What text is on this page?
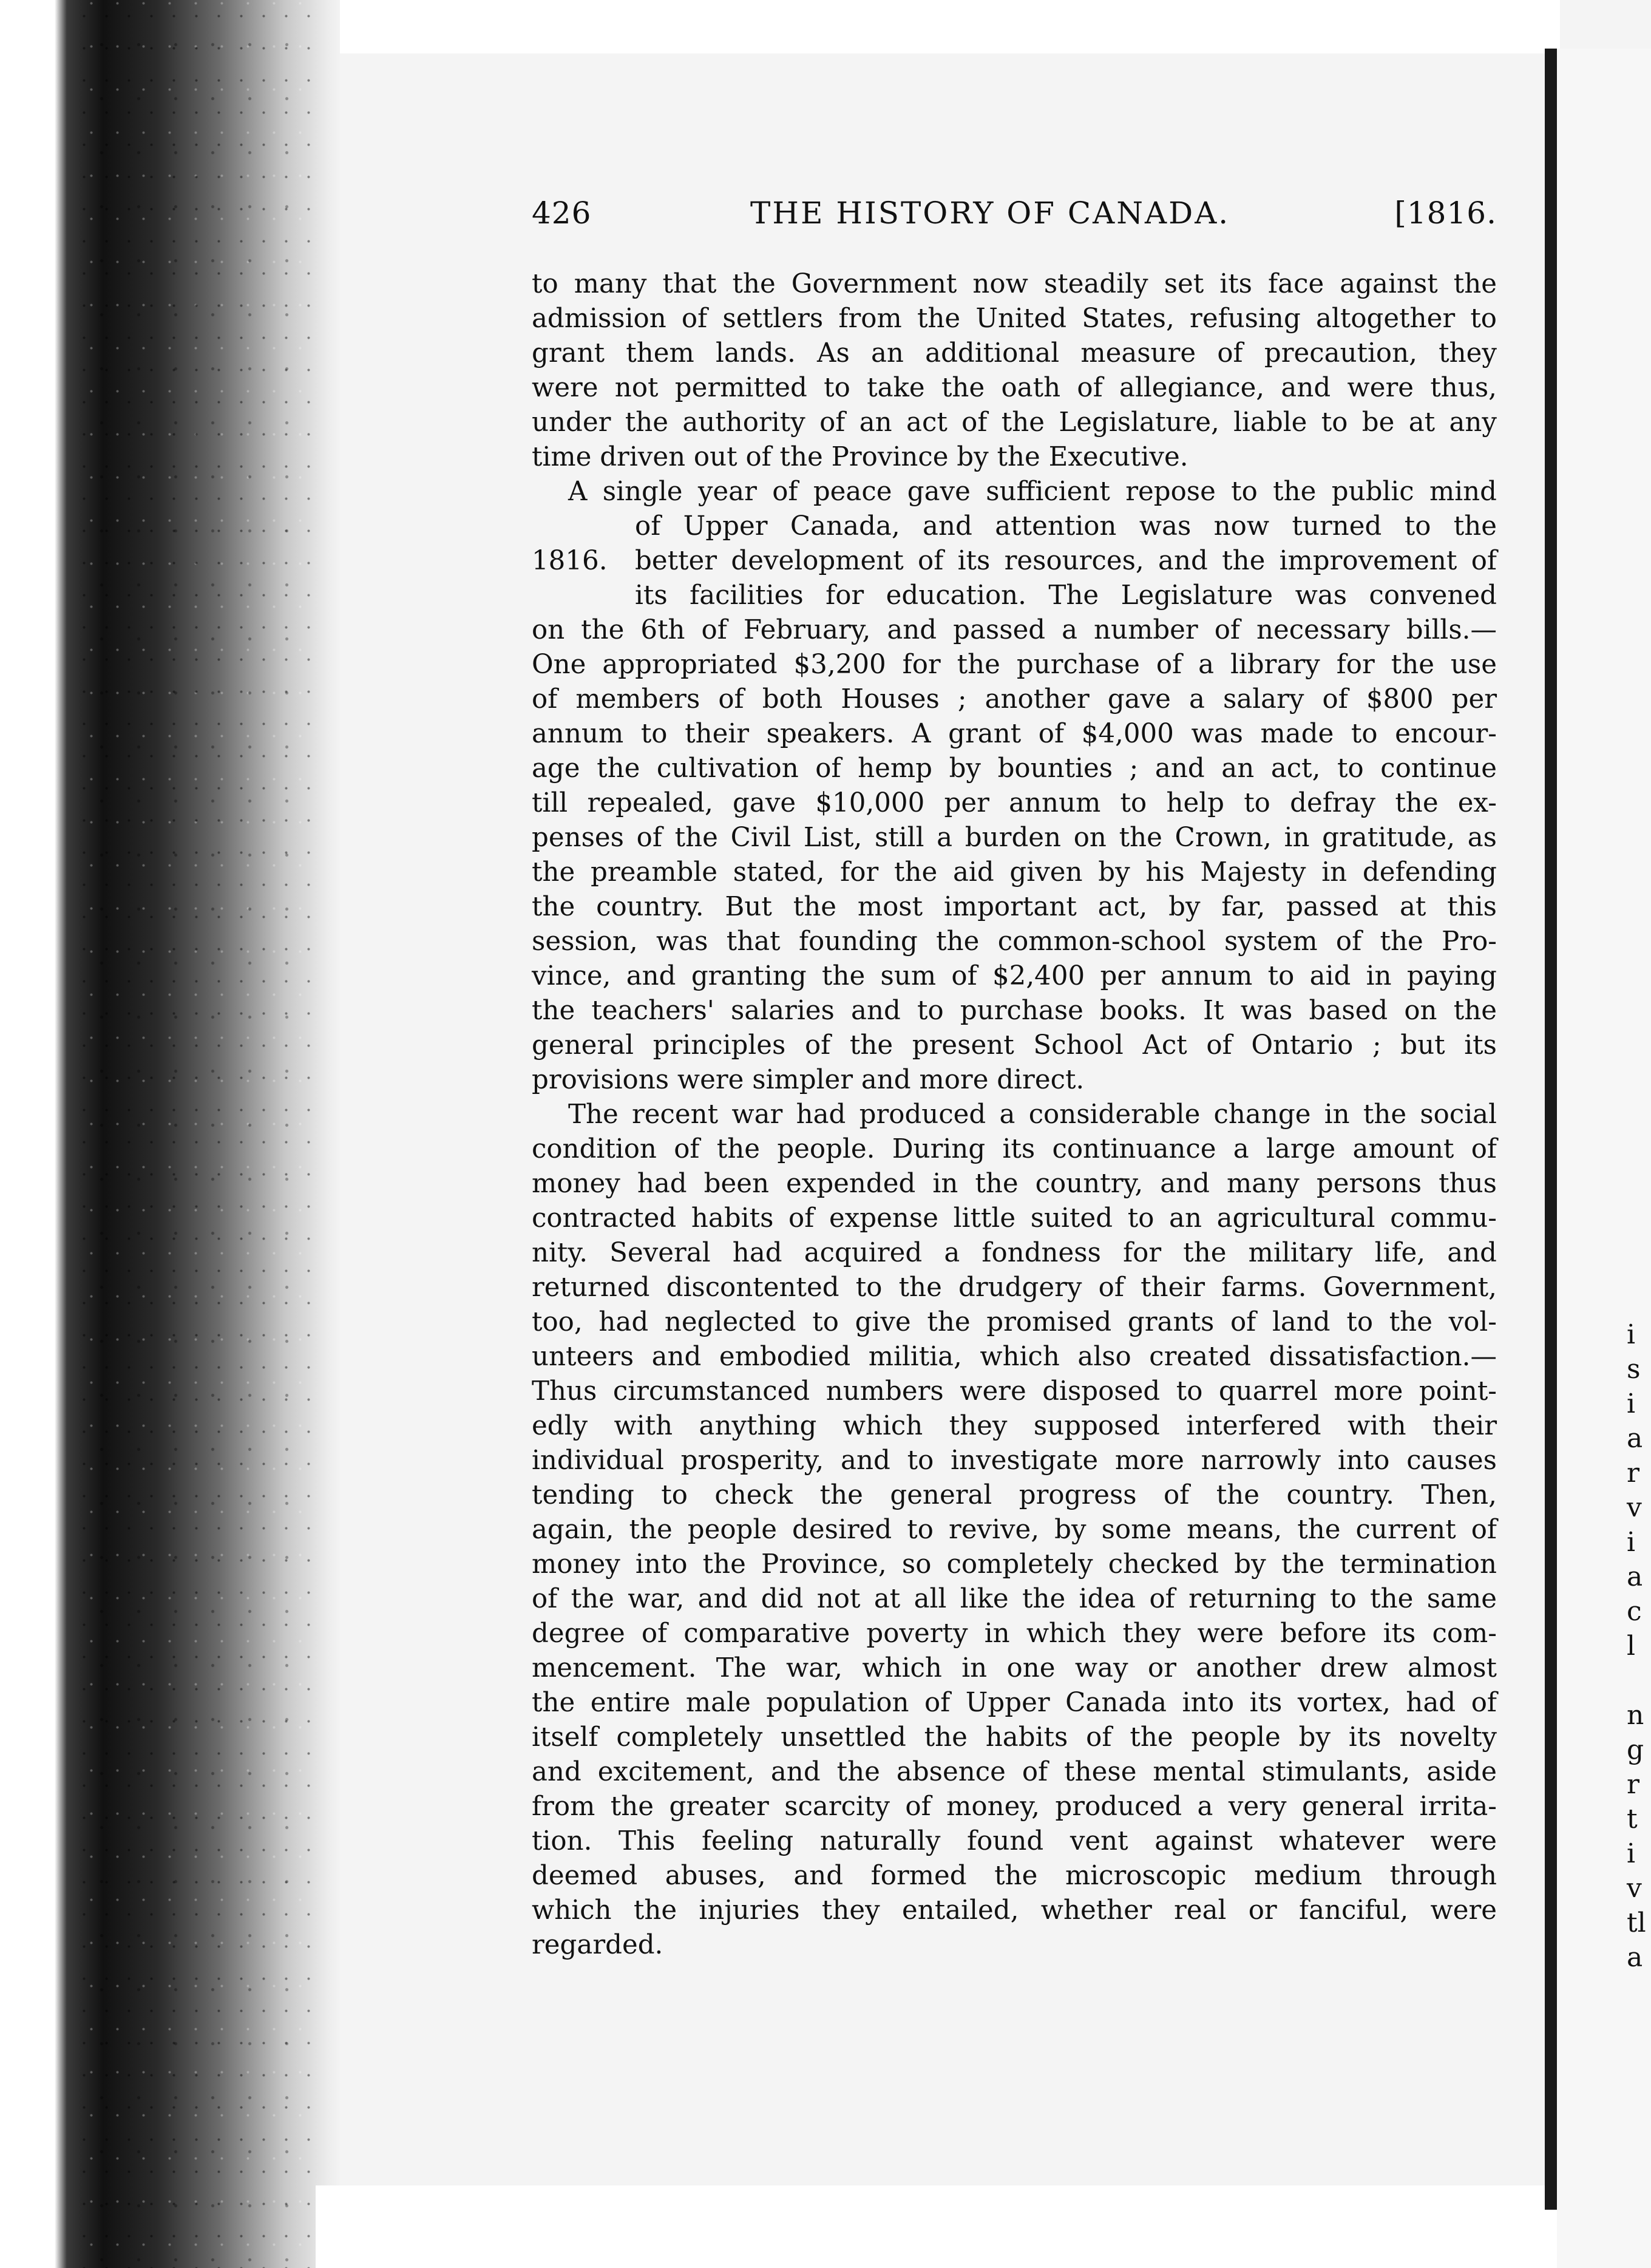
i
s
i
a
r
v
i
a
c
l
n
g
r
t
i
v
tl
a
426	THE HISTORY OF CANADA.	[1816.
1816.
to many that the Government now steadily set its face against the
admission of settlers from the United States, refusing altogether to
grant them lands. As an additional measure of precaution, they
were not permitted to take the oath of allegiance, and were thus,
under the authority of an act of the Legislature, liable to be at any
time driven out of the Province by the Executive.
A single year of peace gave sufficient repose to the public mind
of Upper Canada, and attention was now turned to the
better development of its resources, and the improvement of
its facilities for education. The Legislature was convened
on the 6th of February, and passed a number of necessary bills.—
One appropriated $3,200 for the purchase of a library for the use
of members of both Houses ; another gave a salary of $800 per
annum to their speakers. A grant of $4,000 was made to encour-
age the cultivation of hemp by bounties ; and an act, to continue
till repealed, gave $10,000 per annum to help to defray the ex-
penses of the Civil List, still a burden on the Crown, in gratitude, as
the preamble stated, for the aid given by his Majesty in defending
the country. But the most important act, by far, passed at this
session, was that founding the common-school system of the Pro-
vince, and granting the sum of $2,400 per annum to aid in paying
the teachers' salaries and to purchase books. It was based on the
general principles of the present School Act of Ontario ; but its
provisions were simpler and more direct.
The recent war had produced a considerable change in the social
condition of the people. During its continuance a large amount of
money had been expended in the country, and many persons thus
contracted habits of expense little suited to an agricultural commu-
nity. Several had acquired a fondness for the military life, and
returned discontented to the drudgery of their farms. Government,
too, had neglected to give the promised grants of land to the vol-
unteers and embodied militia, which also created dissatisfaction.—
Thus circumstanced numbers were disposed to quarrel more point-
edly with anything which they supposed interfered with their
individual prosperity, and to investigate more narrowly into causes
tending to check the general progress of the country. Then,
again, the people desired to revive, by some means, the current of
money into the Province, so completely checked by the termination
of the war, and did not at all like the idea of returning to the same
degree of comparative poverty in which they were before its com-
mencement. The war, which in one way or another drew almost
the entire male population of Upper Canada into its vortex, had of
itself completely unsettled the habits of the people by its novelty
and excitement, and the absence of these mental stimulants, aside
from the greater scarcity of money, produced a very general irrita-
tion. This feeling naturally found vent against whatever were
deemed abuses, and formed the microscopic medium through
which the injuries they entailed, whether real or fanciful, were
regarded.
